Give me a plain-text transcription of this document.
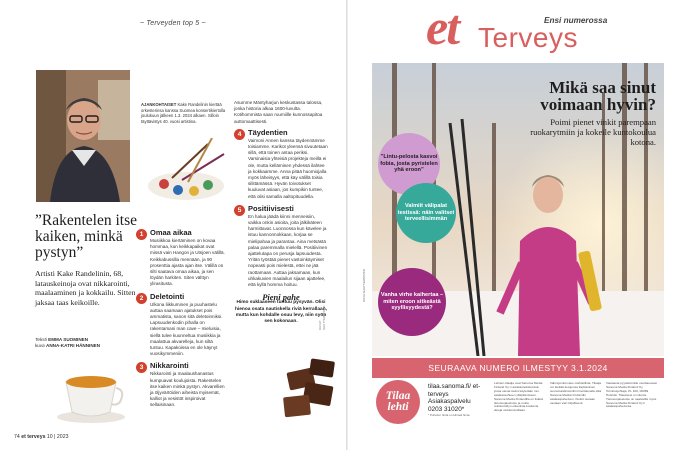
~ Terveyden top 5 ~
AJANKOHTAISET Kake Randelinin kiertää orkesterinsa kanssa Suomea konsertikiertolla joulukuun jälkeen 1.3. 2024 alkaen. Silloin täyttävistys 40. vuosi artistina.
”Rakentelen itse kaiken, minkä pystyn”
Artisti Kake Randelinin, 68, latauskeinoja ovat nikkarointi, maalaaminen ja kokkailu. Sitten jaksaa taas keikoille.
Teksti EMMA SUOMINEN
kuva ANNA-KATRI HÄNNINEN
1 Omaa aikaa
Musiikkoa kiertäminen on kovaa hommaa, kun keikkapaikat ovat missä vain Hangon ja Utsjoen välillä. Keikkabussilla mennään, ja 90 prosenttia ajasta ajan itse. Välillä on silti saatava omaa aikaa, ja sen löydän harkiten. Siten välttyn ylirasitusta.
2 Deletointi
Ulkona liikkuminen ja puuhastelu auttaa saamaan ajatukset pois ammatista, sanon sitä deletoinniksi. Lapsuudenkodin pihalla on rakentamani man cave – mieluisia, siellä tulee kuunneltua musiikkia ja maalattua akvarelleja, kun siltä tuntuu. Kapakoissa en ole käynyt vuosikymmeniin.
3 Nikkarointi
Nikkarointi ja maalaushanastus kumpuavat koulujoista. Rakentelen itse kaiken minkä pystyn. Akvarellien ja öljyvärtöiden aiheista myisemät, kalliot ja vesistöt inspiroivat sellaisinaan.

Asumme Mäntyharjun keskustassa talossa, jonka historia alkaa 1600-luvulta. Kotihommista saan ruumiille kunnossapitoa auttomaattisesti.

4 Täydentien
Vaimoni Annen kanssa täydennämme toisiamme. Karikot yleensä sivuutetaan sillä, että toinen antaa periksi. Varsinaisia yhteisiä projekteja meillä ei ole, mutta kelläminen yhdessä ilahtee ja kokkaamme. Anna pitää huomiojalla myös läheisyys, että käy välillä toisia silittämässä. Hyvän toivotukset kuuluvat asiaan, jos kumpikin tuntee, että olisi samalla aaltopituudella.
5 Positiivisesti
En halua jäädä kiinni menneisiin, vaikka onkin asioita, joita jälkikäteen harmittavat. Luonnossa kun kävelee ja istuu kannonnokkaan, korjaa se mielipahaa ja parantaa. Aina metsästä palaa paremmalla mielellä. Positiivinen ajattelutapa on perusja lapsuudesta. Yritän työstää pienet vastoinkäymiset nopeasti pois mielestä, ettei ne jää raottamaan. Auttaa jaksamaan, kun uhkakuvien maalailun sijaan ajattelee, että kyllä homma hoituu.
Pieni pahe
Himo suklaaseen tuntuu pysyvän. Olisi hienoa osata nautiskella riviä kerrallaan, mutta kun kohdalle osuu levy, niin syön sen kokonaan.	KUVAT SHUTTERSTOCK
74 et terveys 10 | 2023
et Terveys
Ensi numerossa
Mikä saa sinut voimaan hyvin?
Poimi pienet vinkit parempaan ruokarytmiin ja kokeile kuntokoulua kotona.
”Lintu-pelosta kasvoi fobia, josta pyristelen yhä eroon”
Valmiit välipalat testissä: näin valitset terveellisimmän
Vanha virhe kaihertaa – miten eroon sitkeästä syyllisyydestä?
KUVA SHUTTERSTOCK
SEURAAVA NUMERO ILMESTYY 3.1.2024
Tilaa lehti
tilaa.sanoma.fi/ et-terveys
Asiakaspalvelu
0203 31020*
* Puhelun hinta on kiinteä hinta.
Lehden tilaajia ovat Sanoma Media Finland Oy:n asiakasrekisterissä, jossa olevat tiedot käytetään mm. asiakassuhteen ylläpitämiseen. Sanoma Media Finlandilla on lisäksi tietosuojaseloste ja muita rekisteröidyn oikeuksia koskevia tietoja verkkosivuillaan.
Vahingonkorvaus-mahdollista. Tilaaja voi kieltää tietojensa käyttämisen suoramarkkinointiin ilmoittamalla siitä Sanoma Median Finlandin asiakaspalveluun. Kiellot otetaan vastaan vain kirjallisesti.
Vastaavia pyydettömille osoittaessasi Sanoma Media Finland Oy, Toimitusjohtaja, PL 100, 00089 Helsinki. Tilauksesi on sitovia. Tietosuojaseloste on saatavilla myös Sanoma Media Finland Oy:n asiakaspalvelussa.
